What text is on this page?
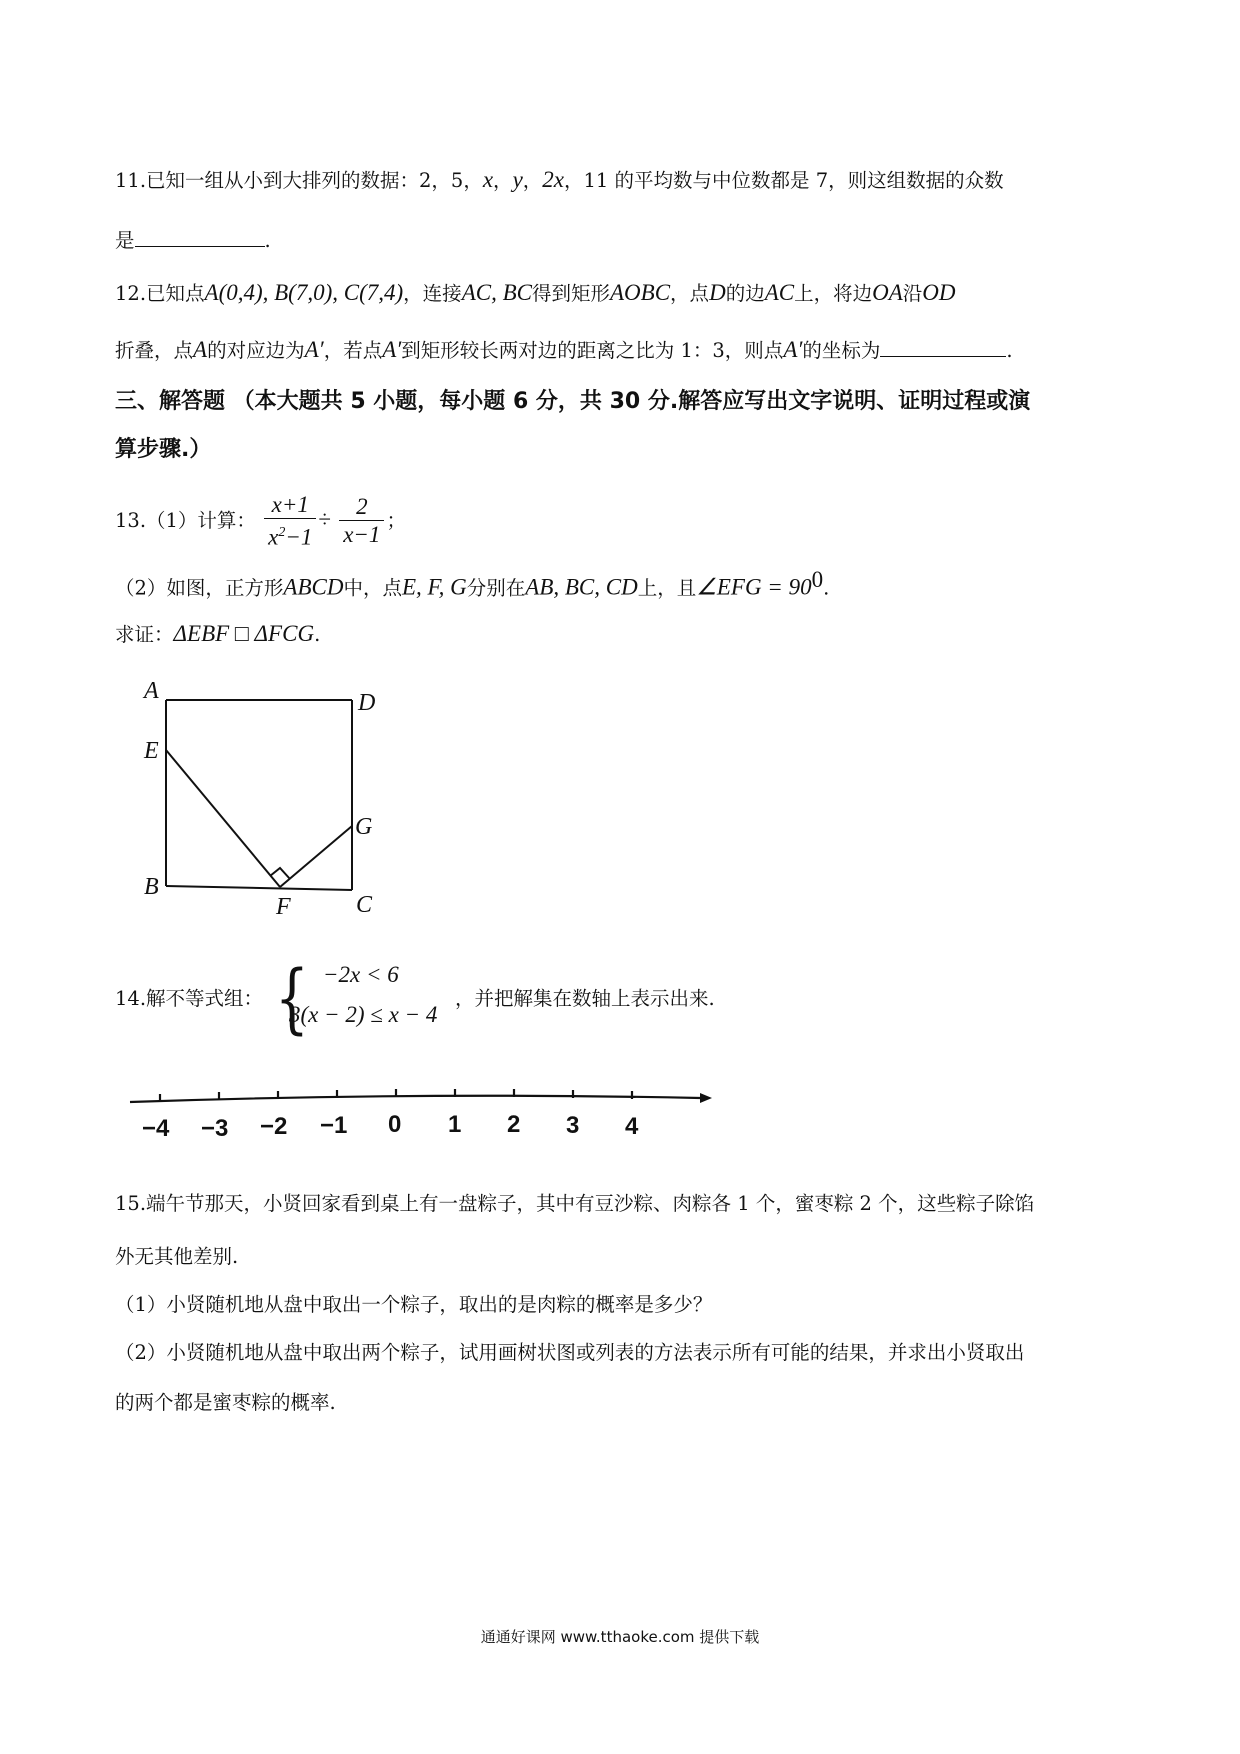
11.已知一组从小到大排列的数据：2，5，x，y，2x，11 的平均数与中位数都是 7，则这组数据的众数
是	.
12.已知点A(0,4), B(7,0), C(7,4)，连接AC, BC得到矩形AOBC，点D的边AC上，将边OA沿OD
折叠，点A的对应边为A′，若点A′到矩形较长两对边的距离之比为 1：3，则点A′的坐标为	.
三、解答题 （本大题共 5 小题，每小题 6 分，共 30 分.解答应写出文字说明、证明过程或演
算步骤.）
13.（1）计算： $\frac{x+1}{x^2-1} \div \frac{2}{x-1}$ ；
（2）如图，正方形ABCD中，点E, F, G分别在AB, BC, CD上，且∠EFG = $90^0$.
求证：ΔEBF □ ΔFCG.
A	D
E
G
B
C
F
14.解不等式组： { −2x < 6
3(x − 2) ≤ x − 4
，并把解集在数轴上表示出来.
−4 −3 −2 −1 0 1 2 3 4
15.端午节那天，小贤回家看到桌上有一盘粽子，其中有豆沙粽、肉粽各 1 个，蜜枣粽 2 个，这些粽子除馅
外无其他差别.
（1）小贤随机地从盘中取出一个粽子，取出的是肉粽的概率是多少？
（2）小贤随机地从盘中取出两个粽子，试用画树状图或列表的方法表示所有可能的结果，并求出小贤取出
的两个都是蜜枣粽的概率.
通通好课网 www.tthaoke.com 提供下载
